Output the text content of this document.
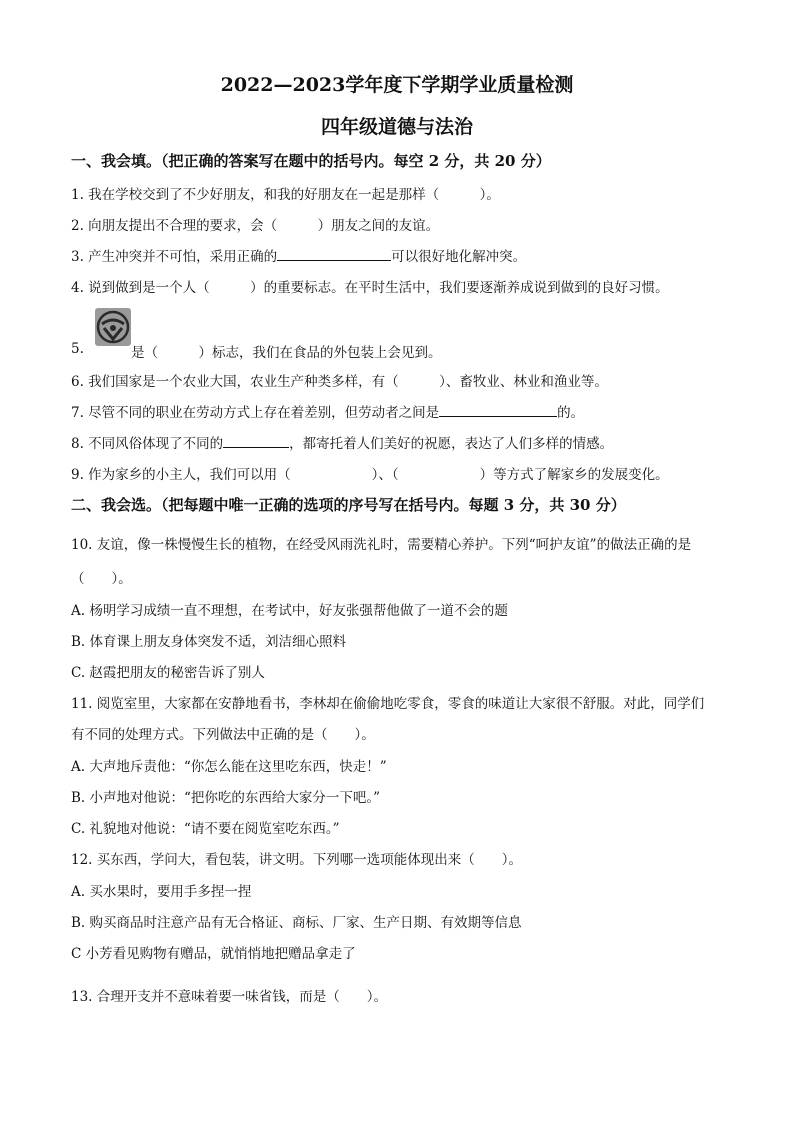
2022—2023学年度下学期学业质量检测
四年级道德与法治
一、我会填。（把正确的答案写在题中的括号内。每空 2 分，共 20 分）
1. 我在学校交到了不少好朋友，和我的好朋友在一起是那样（　　　）。
2. 向朋友提出不合理的要求，会（　　　）朋友之间的友谊。
3. 产生冲突并不可怕，采用正确的	可以很好地化解冲突。
4. 说到做到是一个人（　　　）的重要标志。在平时生活中，我们要逐渐养成说到做到的良好习惯。
5.	是（　　　）标志，我们在食品的外包装上会见到。
6. 我们国家是一个农业大国，农业生产种类多样，有（　　　）、畜牧业、林业和渔业等。
7. 尽管不同的职业在劳动方式上存在着差别，但劳动者之间是	的。
8. 不同风俗体现了不同的	，都寄托着人们美好的祝愿，表达了人们多样的情感。
9. 作为家乡的小主人，我们可以用（　　　　　　）、（　　　　　　）等方式了解家乡的发展变化。
二、我会选。（把每题中唯一正确的选项的序号写在括号内。每题 3 分，共 30 分）
10. 友谊，像一株慢慢生长的植物，在经受风雨洗礼时，需要精心养护。下列“呵护友谊”的做法正确的是
（　　）。
A. 杨明学习成绩一直不理想，在考试中，好友张强帮他做了一道不会的题
B. 体育课上朋友身体突发不适，刘洁细心照料
C. 赵霞把朋友的秘密告诉了别人
11. 阅览室里，大家都在安静地看书，李林却在偷偷地吃零食，零食的味道让大家很不舒服。对此，同学们
有不同的处理方式。下列做法中正确的是（　　）。
A. 大声地斥责他：“你怎么能在这里吃东西，快走！”
B. 小声地对他说：“把你吃的东西给大家分一下吧。”
C. 礼貌地对他说：“请不要在阅览室吃东西。”
12. 买东西，学问大，看包装，讲文明。下列哪一选项能体现出来（　　）。
A. 买水果时，要用手多捏一捏
B. 购买商品时注意产品有无合格证、商标、厂家、生产日期、有效期等信息
C 小芳看见购物有赠品，就悄悄地把赠品拿走了
13. 合理开支并不意味着要一味省钱，而是（　　）。
